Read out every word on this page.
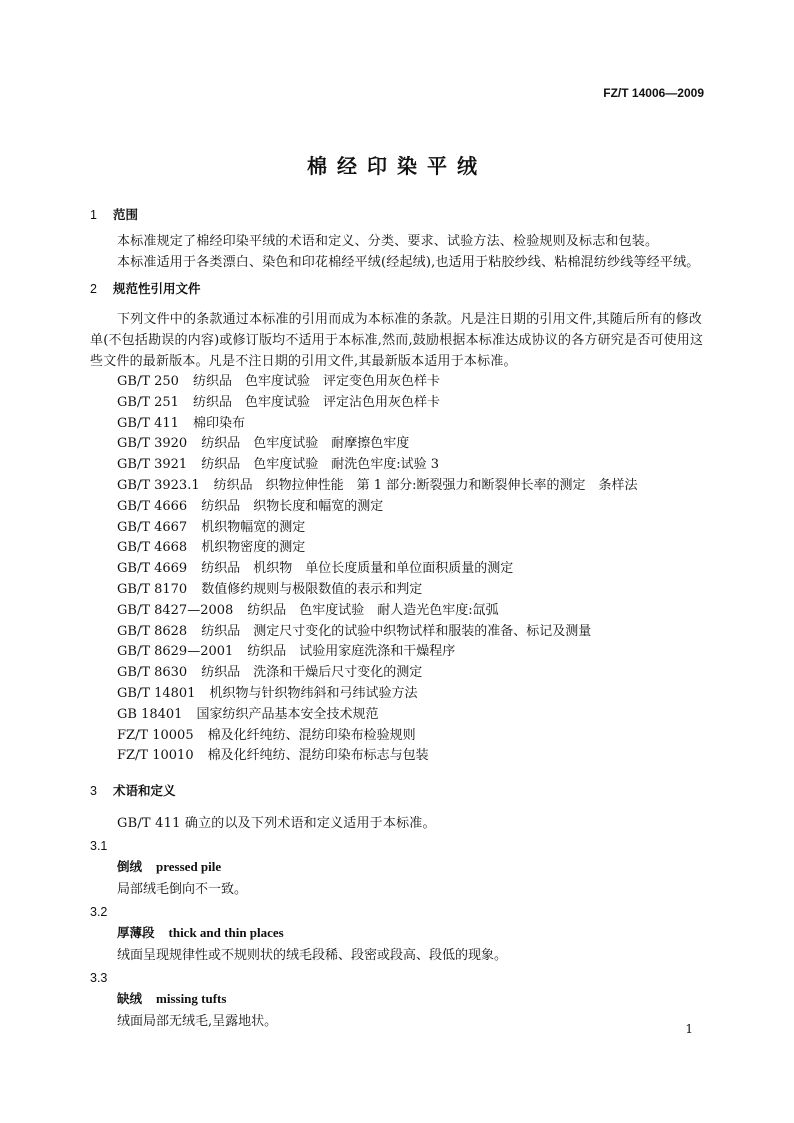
FZ/T 14006—2009
棉经印染平绒
1 范围
本标准规定了棉经印染平绒的术语和定义、分类、要求、试验方法、检验规则及标志和包装。
本标准适用于各类漂白、染色和印花棉经平绒(经起绒),也适用于粘胶纱线、粘棉混纺纱线等经平绒。
2 规范性引用文件
下列文件中的条款通过本标准的引用而成为本标准的条款。凡是注日期的引用文件,其随后所有的修改单(不包括勘误的内容)或修订版均不适用于本标准,然而,鼓励根据本标准达成协议的各方研究是否可使用这些文件的最新版本。凡是不注日期的引用文件,其最新版本适用于本标准。
GB/T 250 纺织品　色牢度试验　评定变色用灰色样卡
GB/T 251 纺织品　色牢度试验　评定沾色用灰色样卡
GB/T 411 棉印染布
GB/T 3920 纺织品　色牢度试验　耐摩擦色牢度
GB/T 3921 纺织品　色牢度试验　耐洗色牢度:试验 3
GB/T 3923.1 纺织品　织物拉伸性能　第 1 部分:断裂强力和断裂伸长率的测定　条样法
GB/T 4666 纺织品　织物长度和幅宽的测定
GB/T 4667 机织物幅宽的测定
GB/T 4668 机织物密度的测定
GB/T 4669 纺织品　机织物　单位长度质量和单位面积质量的测定
GB/T 8170 数值修约规则与极限数值的表示和判定
GB/T 8427—2008 纺织品　色牢度试验　耐人造光色牢度:氙弧
GB/T 8628 纺织品　测定尺寸变化的试验中织物试样和服装的准备、标记及测量
GB/T 8629—2001 纺织品　试验用家庭洗涤和干燥程序
GB/T 8630 纺织品　洗涤和干燥后尺寸变化的测定
GB/T 14801 机织物与针织物纬斜和弓纬试验方法
GB 18401 国家纺织产品基本安全技术规范
FZ/T 10005 棉及化纤纯纺、混纺印染布检验规则
FZ/T 10010 棉及化纤纯纺、混纺印染布标志与包装
3 术语和定义
GB/T 411 确立的以及下列术语和定义适用于本标准。
3.1
倒绒 pressed pile
局部绒毛倒向不一致。
3.2
厚薄段 thick and thin places
绒面呈现规律性或不规则状的绒毛段稀、段密或段高、段低的现象。
3.3
缺绒 missing tufts
绒面局部无绒毛,呈露地状。	1
